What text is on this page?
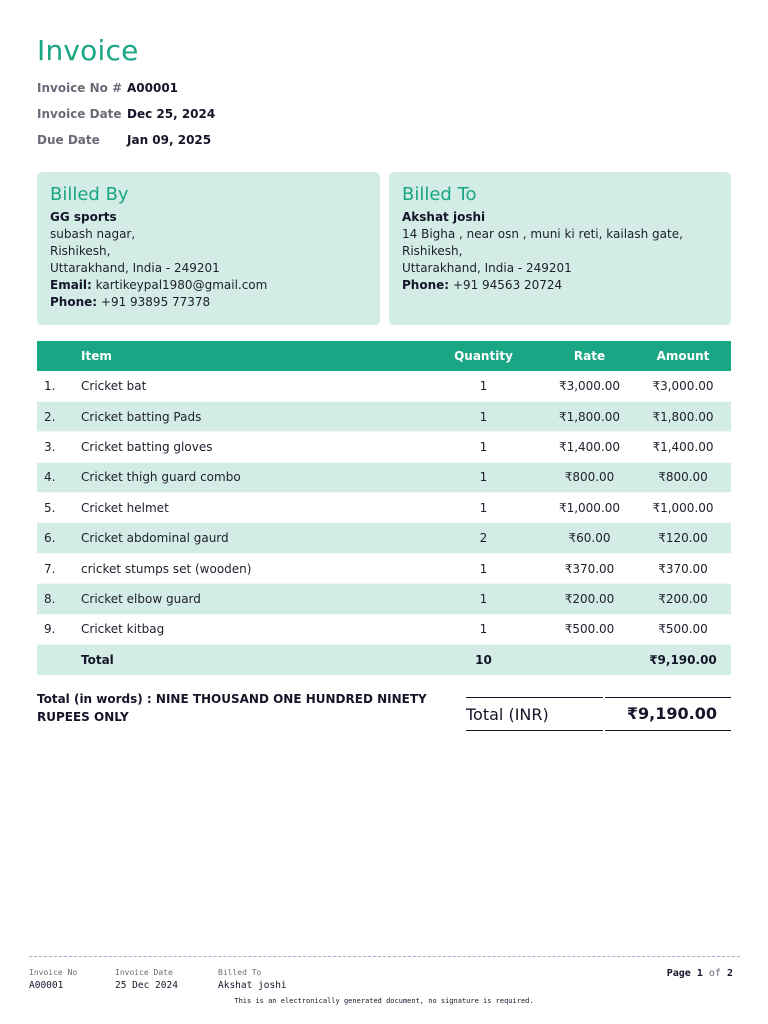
Invoice
Invoice No # A00001
Invoice Date Dec 25, 2024
Due Date	Jan 09, 2025
Billed By
GG sports
subash nagar,
Rishikesh,
Uttarakhand, India - 249201
Email: kartikeypal1980@gmail.com
Phone: +91 93895 77378
Billed To
Akshat joshi
14 Bigha , near osn , muni ki reti, kailash gate,
Rishikesh,
Uttarakhand, India - 249201
Phone: +91 94563 20724
	Item	Quantity	Rate	Amount
1.	Cricket bat	1	₹3,000.00	₹3,000.00
2.	Cricket batting Pads	1	₹1,800.00	₹1,800.00
3.	Cricket batting gloves	1	₹1,400.00	₹1,400.00
4.	Cricket thigh guard combo	1	₹800.00	₹800.00
5.	Cricket helmet	1	₹1,000.00	₹1,000.00
6.	Cricket abdominal gaurd	2	₹60.00	₹120.00
7.	cricket stumps set (wooden)	1	₹370.00	₹370.00
8.	Cricket elbow guard	1	₹200.00	₹200.00
9.	Cricket kitbag	1	₹500.00	₹500.00
	Total	10		₹9,190.00
Total (in words) : NINE THOUSAND ONE HUNDRED NINETY RUPEES ONLY	Total (INR)	₹9,190.00
Invoice No
A00001
Invoice Date
25 Dec 2024
Billed To
Akshat joshi
Page 1 of 2
This is an electronically generated document, no signature is required.
